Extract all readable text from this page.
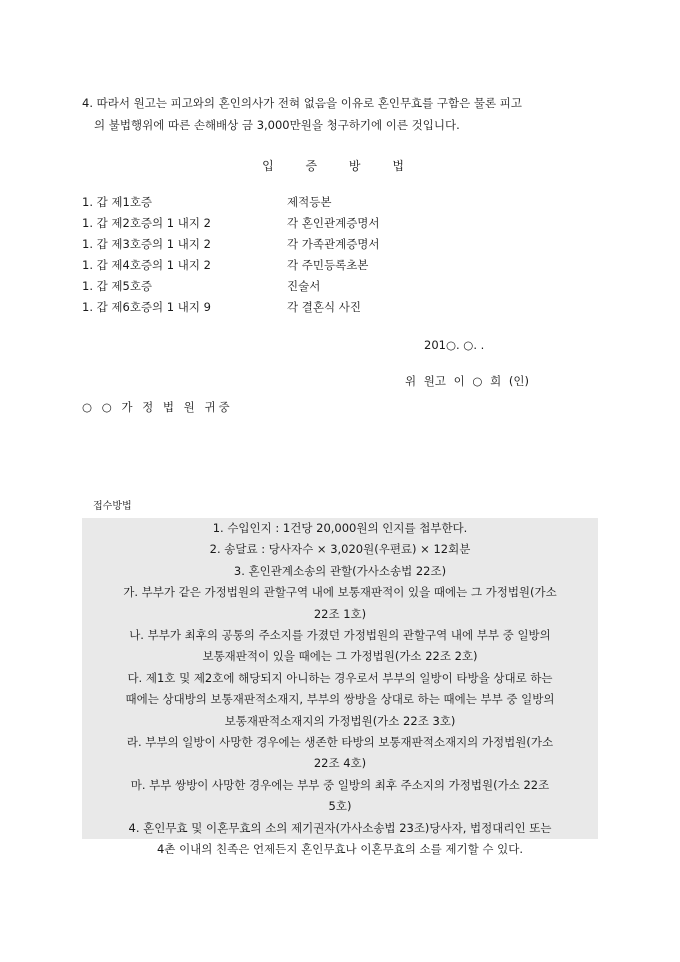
4. 따라서 원고는 피고와의 혼인의사가 전혀 없음을 이유로 혼인무효를 구함은 물론 피고
의 불법행위에 따른 손해배상 금 3,000만원을 청구하기에 이른 것입니다.
입 증 방 법
1. 갑 제1호증	제적등본
1. 갑 제2호증의 1 내지 2	각 혼인관계증명서
1. 갑 제3호증의 1 내지 2	각 가족관계증명서
1. 갑 제4호증의 1 내지 2	각 주민등록초본
1. 갑 제5호증	진술서
1. 갑 제6호증의 1 내지 9	각 결혼식 사진
201○. ○. .
위 원고 이 ○ 희 (인)
○ ○ 가 정 법 원 귀중
접수방법
1. 수입인지 : 1건당 20,000원의 인지를 첩부한다.
2. 송달료 : 당사자수 × 3,020원(우편료) × 12회분
3. 혼인관계소송의 관할(가사소송법 22조)
가. 부부가 같은 가정법원의 관할구역 내에 보통재판적이 있을 때에는 그 가정법원(가소
22조 1호)
나. 부부가 최후의 공통의 주소지를 가졌던 가정법원의 관할구역 내에 부부 중 일방의
보통재판적이 있을 때에는 그 가정법원(가소 22조 2호)
다. 제1호 및 제2호에 해당되지 아니하는 경우로서 부부의 일방이 타방을 상대로 하는
때에는 상대방의 보통재판적소재지, 부부의 쌍방을 상대로 하는 때에는 부부 중 일방의
보통재판적소재지의 가정법원(가소 22조 3호)
라. 부부의 일방이 사망한 경우에는 생존한 타방의 보통재판적소재지의 가정법원(가소
22조 4호)
마. 부부 쌍방이 사망한 경우에는 부부 중 일방의 최후 주소지의 가정법원(가소 22조
5호)
4. 혼인무효 및 이혼무효의 소의 제기권자(가사소송법 23조)당사자, 법정대리인 또는
4촌 이내의 친족은 언제든지 혼인무효나 이혼무효의 소를 제기할 수 있다.
